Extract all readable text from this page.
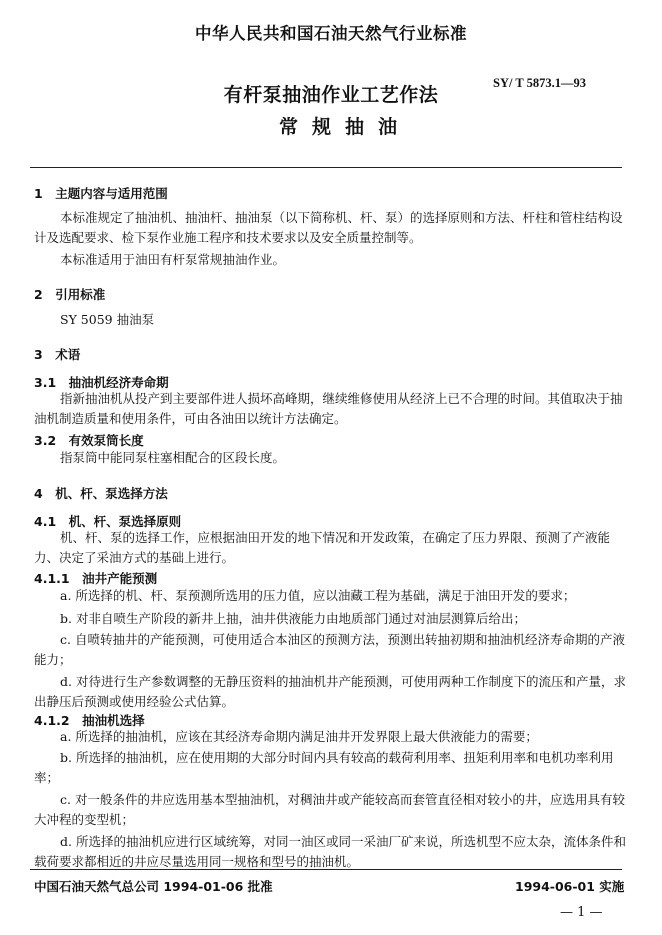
中华人民共和国石油天然气行业标准
SY/ T 5873.1—93
有杆泵抽油作业工艺作法
常规抽油
1　主题内容与适用范围
本标准规定了抽油机、抽油杆、抽油泵（以下简称机、杆、泵）的选择原则和方法、杆柱和管柱结构设计及选配要求、检下泵作业施工程序和技术要求以及安全质量控制等。
本标准适用于油田有杆泵常规抽油作业。
2　引用标准
SY 5059 抽油泵
3　术语
3.1　抽油机经济寿命期
指新抽油机从投产到主要部件进人损坏高峰期，继续维修使用从经济上已不合理的时间。其值取决于抽油机制造质量和使用条件，可由各油田以统计方法确定。
3.2　有效泵筒长度
指泵筒中能同泵柱塞相配合的区段长度。
4　机、杆、泵选择方法
4.1　机、杆、泵选择原则
机、杆、泵的选择工作，应根据油田开发的地下情况和开发政策，在确定了压力界限、预测了产液能力、决定了采油方式的基础上进行。
4.1.1　油井产能预测
a. 所选择的机、杆、泵预测所选用的压力值，应以油藏工程为基础，满足于油田开发的要求；
b. 对非自喷生产阶段的新井上抽，油井供液能力由地质部门通过对油层测算后给出；
c. 自喷转抽井的产能预测，可使用适合本油区的预测方法，预测出转抽初期和抽油机经济寿命期的产液能力；
d. 对待进行生产参数调整的无静压资料的抽油机井产能预测，可使用两种工作制度下的流压和产量，求出静压后预测或使用经验公式估算。
4.1.2　抽油机选择
a. 所选择的抽油机，应该在其经济寿命期内满足油井开发界限上最大供液能力的需要；
b. 所选择的抽油机，应在使用期的大部分时间内具有较高的载荷利用率、扭矩利用率和电机功率利用率；
c. 对一般条件的井应选用基本型抽油机，对稠油井或产能较高而套管直径相对较小的井，应选用具有较大冲程的变型机；
d. 所选择的抽油机应进行区域统筹，对同一油区或同一采油厂矿来说，所选机型不应太杂，流体条件和载荷要求都相近的井应尽量选用同一规格和型号的抽油机。
中国石油天然气总公司 1994-01-06 批准	1994-06-01 实施
— 1 —
